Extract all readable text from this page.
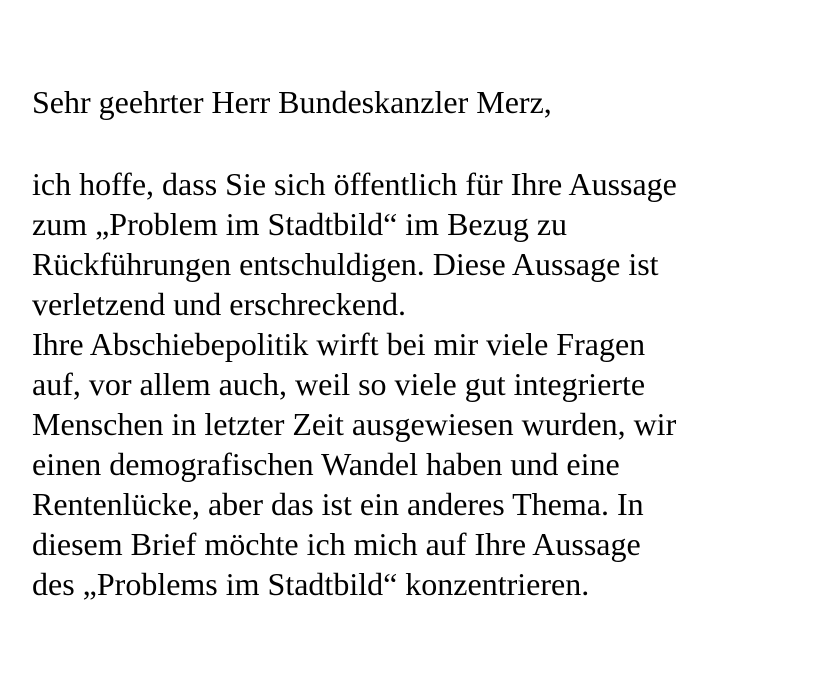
Sehr geehrter Herr Bundeskanzler Merz,

ich hoffe, dass Sie sich öffentlich für Ihre Aussage

zum „Problem im Stadtbild“ im Bezug zu

Rückführungen entschuldigen. Diese Aussage ist

verletzend und erschreckend.

Ihre Abschiebepolitik wirft bei mir viele Fragen

auf, vor allem auch, weil so viele gut integrierte

Menschen in letzter Zeit ausgewiesen wurden, wir

einen demografischen Wandel haben und eine

Rentenlücke, aber das ist ein anderes Thema. In

diesem Brief möchte ich mich auf Ihre Aussage

des „Problems im Stadtbild“ konzentrieren.
